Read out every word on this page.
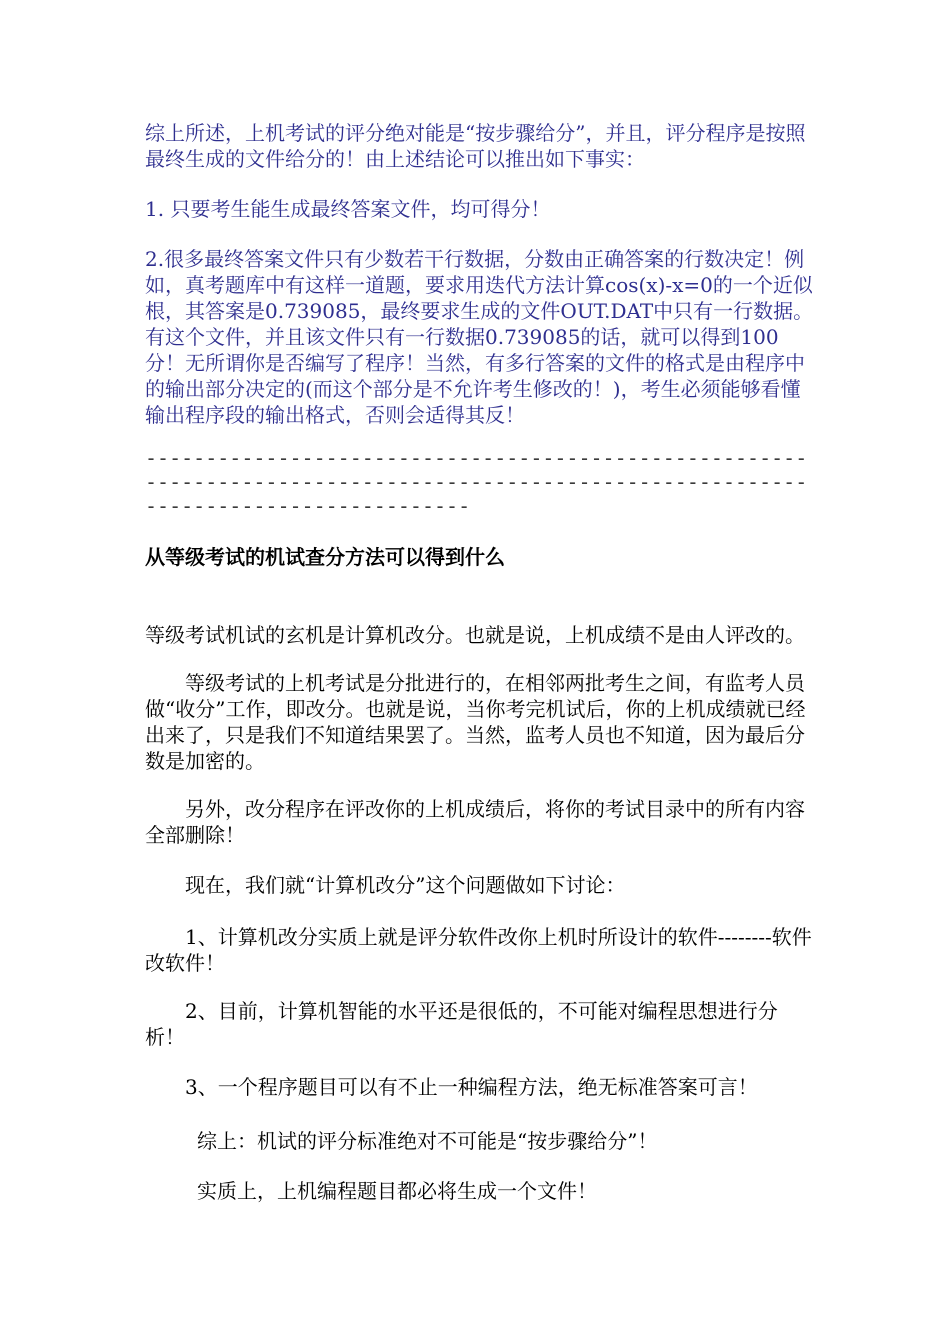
综上所述，上机考试的评分绝对能是“按步骤给分”，并且，评分程序是按照最终生成的文件给分的！由上述结论可以推出如下事实：

1. 只要考生能生成最终答案文件，均可得分！

2.很多最终答案文件只有少数若干行数据，分数由正确答案的行数决定！例如，真考题库中有这样一道题，要求用迭代方法计算cos(x)-x=0的一个近似根，其答案是0.739085，最终要求生成的文件OUT.DAT中只有一行数据。有这个文件，并且该文件只有一行数据0.739085的话，就可以得到100分！无所谓你是否编写了程序！当然，有多行答案的文件的格式是由程序中的输出部分决定的(而这个部分是不允许考生修改的！)，考生必须能够看懂输出程序段的输出格式，否则会适得其反！

-----------------------------------------------------------------------------------------------------------------------------------------

从等级考试的机试查分方法可以得到什么

等级考试机试的玄机是计算机改分。也就是说，上机成绩不是由人评改的。

等级考试的上机考试是分批进行的，在相邻两批考生之间，有监考人员做“收分”工作，即改分。也就是说，当你考完机试后，你的上机成绩就已经出来了，只是我们不知道结果罢了。当然，监考人员也不知道，因为最后分数是加密的。

另外，改分程序在评改你的上机成绩后，将你的考试目录中的所有内容全部删除！

现在，我们就“计算机改分”这个问题做如下讨论：

1、计算机改分实质上就是评分软件改你上机时所设计的软件--------软件改软件！

2、目前，计算机智能的水平还是很低的，不可能对编程思想进行分析！

3、一个程序题目可以有不止一种编程方法，绝无标准答案可言！

综上：机试的评分标准绝对不可能是“按步骤给分”！

实质上，上机编程题目都必将生成一个文件！
